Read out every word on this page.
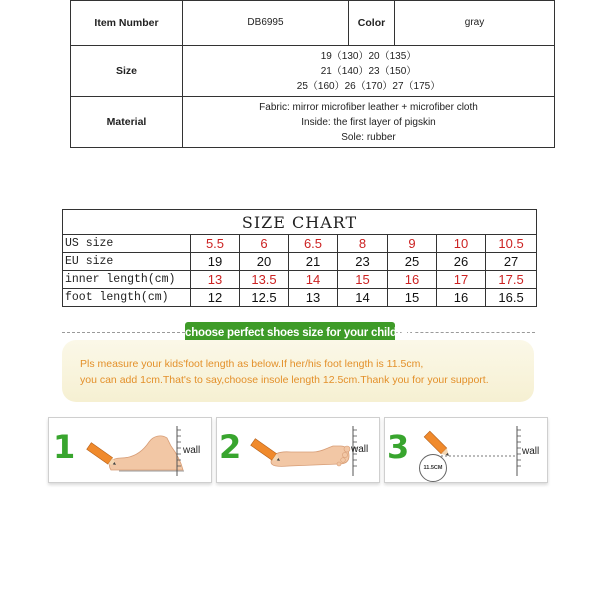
Item Number	DB6995	Color	gray
Size	19（130）20（135）
21（140）23（150）
25（160）26（170）27（175）		

Material	Fabric: mirror microfiber leather + microfiber cloth
Inside: the first layer of pigskin
Sole: rubber		
SIZE CHART							
US size	5.5	6	6.5	8	9	10	10.5
EU size	19	20	21	23	25	26	27
inner length(cm)	13	13.5	14	15	16	17	17.5
foot length(cm)	12	12.5	13	14	15	16	16.5
choose perfect shoes size for your children

Pls measure your kids'foot length as below.If her/his foot length is 11.5cm,

you can add 1cm.That's to say,choose insole length 12.5cm.Thank you for your support.

1	wall 2	wall 3
11.5CM
wall
